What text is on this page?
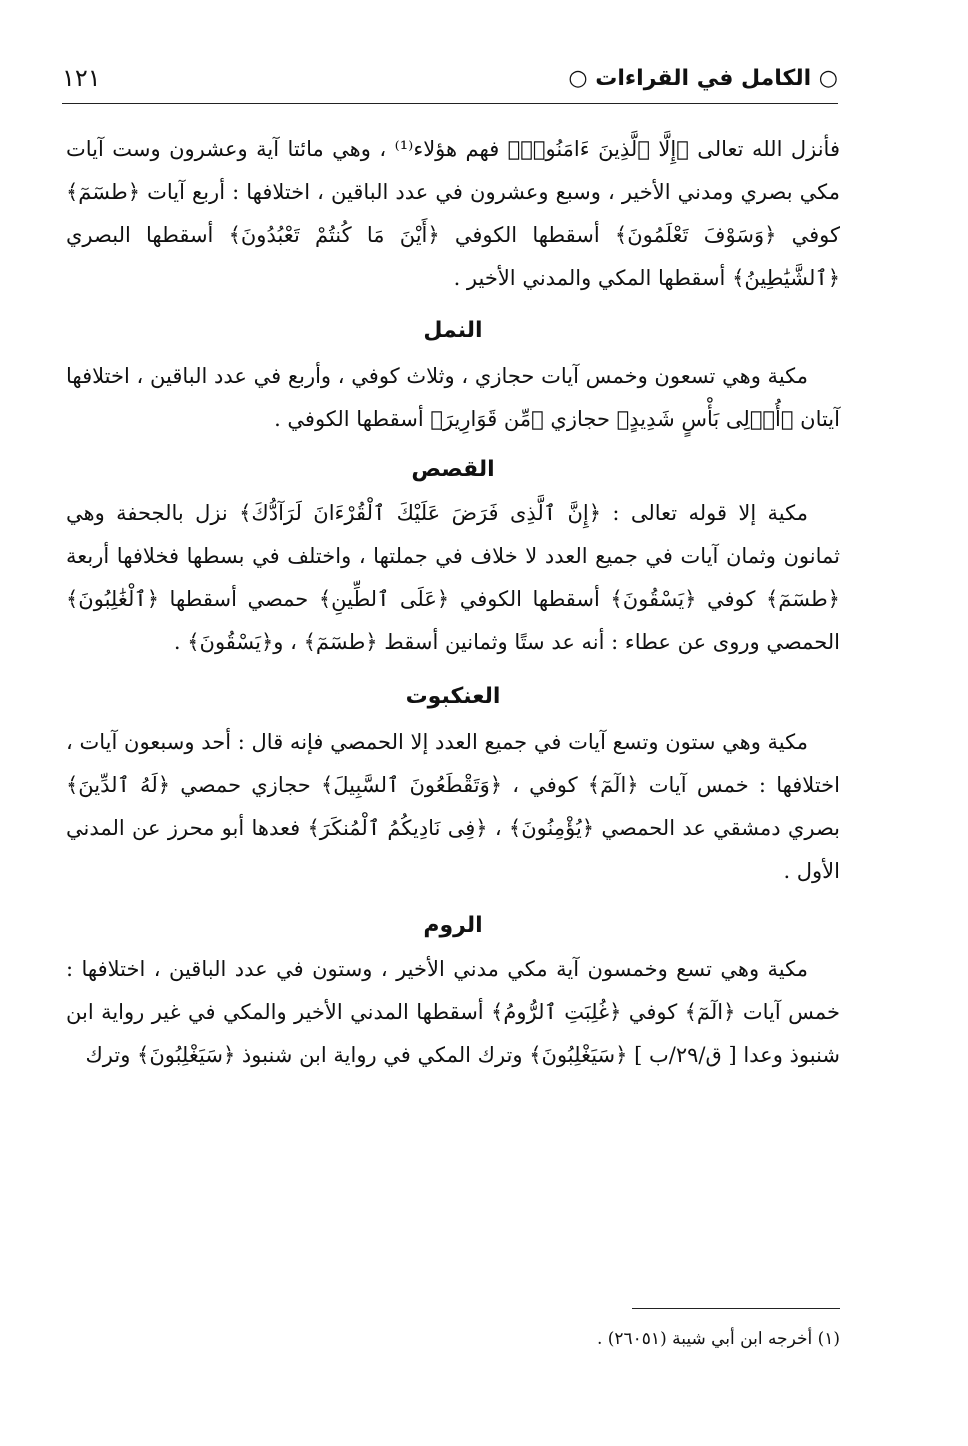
○ الكامل في القراءات ○
١٢١

فأنزل الله تعالى ﴿إِلَّا ٱلَّذِينَ ءَامَنُوا۟﴾ فهم هؤلاء⁽¹⁾ ، وهي مائتا آية وعشرون وست آيات مكي بصري ومدني الأخير ، وسبع وعشرون في عدد الباقين ، اختلافها : أربع آيات ﴿طسٓمٓ﴾ كوفي ﴿وَسَوْفَ تَعْلَمُونَ﴾ أسقطها الكوفي ﴿أَيْنَ مَا كُنتُمْ تَعْبُدُونَ﴾ أسقطها البصري ﴿ٱلشَّيَٰطِينُ﴾ أسقطها المكي والمدني الأخير .

النمل

مكية وهي تسعون وخمس آيات حجازي ، وثلاث كوفي ، وأربع في عدد الباقين ، اختلافها آيتان ﴿أُو۟لِى بَأْسٍ شَدِيدٍ﴾ حجازي ﴿مِّن قَوَارِيرَ﴾ أسقطها الكوفي .

القصص

مكية إلا قوله تعالى : ﴿إِنَّ ٱلَّذِى فَرَضَ عَلَيْكَ ٱلْقُرْءَانَ لَرَآدُّكَ﴾ نزل بالجحفة وهي ثمانون وثمان آيات في جميع العدد لا خلاف في جملتها ، واختلف في بسطها فخلافها أربعة ﴿طسٓمٓ﴾ كوفي ﴿يَسْقُونَ﴾ أسقطها الكوفي ﴿عَلَى ٱلطِّينِ﴾ حمصي أسقطها ﴿ٱلْغَٰلِبُونَ﴾ الحمصي وروى عن عطاء : أنه عد ستًا وثمانين أسقط ﴿طسٓمٓ﴾ ، و﴿يَسْقُونَ﴾ .

العنكبوت

مكية وهي ستون وتسع آيات في جميع العدد إلا الحمصي فإنه قال : أحد وسبعون آيات ، اختلافها : خمس آيات ﴿الٓمٓ﴾ كوفي ، ﴿وَتَقْطَعُونَ ٱلسَّبِيلَ﴾ حجازي حمصي ﴿لَهُ ٱلدِّينَ﴾ بصري دمشقي عد الحمصي ﴿يُؤْمِنُونَ﴾ ، ﴿فِى نَادِيكُمُ ٱلْمُنكَرَ﴾ فعدها أبو محرز عن المدني الأول .

الروم

مكية وهي تسع وخمسون آية مكي مدني الأخير ، وستون في عدد الباقين ، اختلافها : خمس آيات ﴿الٓمٓ﴾ كوفي ﴿غُلِبَتِ ٱلرُّومُ﴾ أسقطها المدني الأخير والمكي في غير رواية ابن شنبوذ وعدا [ ق/٢٩/ب ] ﴿سَيَغْلِبُونَ﴾ وترك المكي في رواية ابن شنبوذ ﴿سَيَغْلِبُونَ﴾ وترك

(١) أخرجه ابن أبي شيبة (٢٦٠٥١) .
